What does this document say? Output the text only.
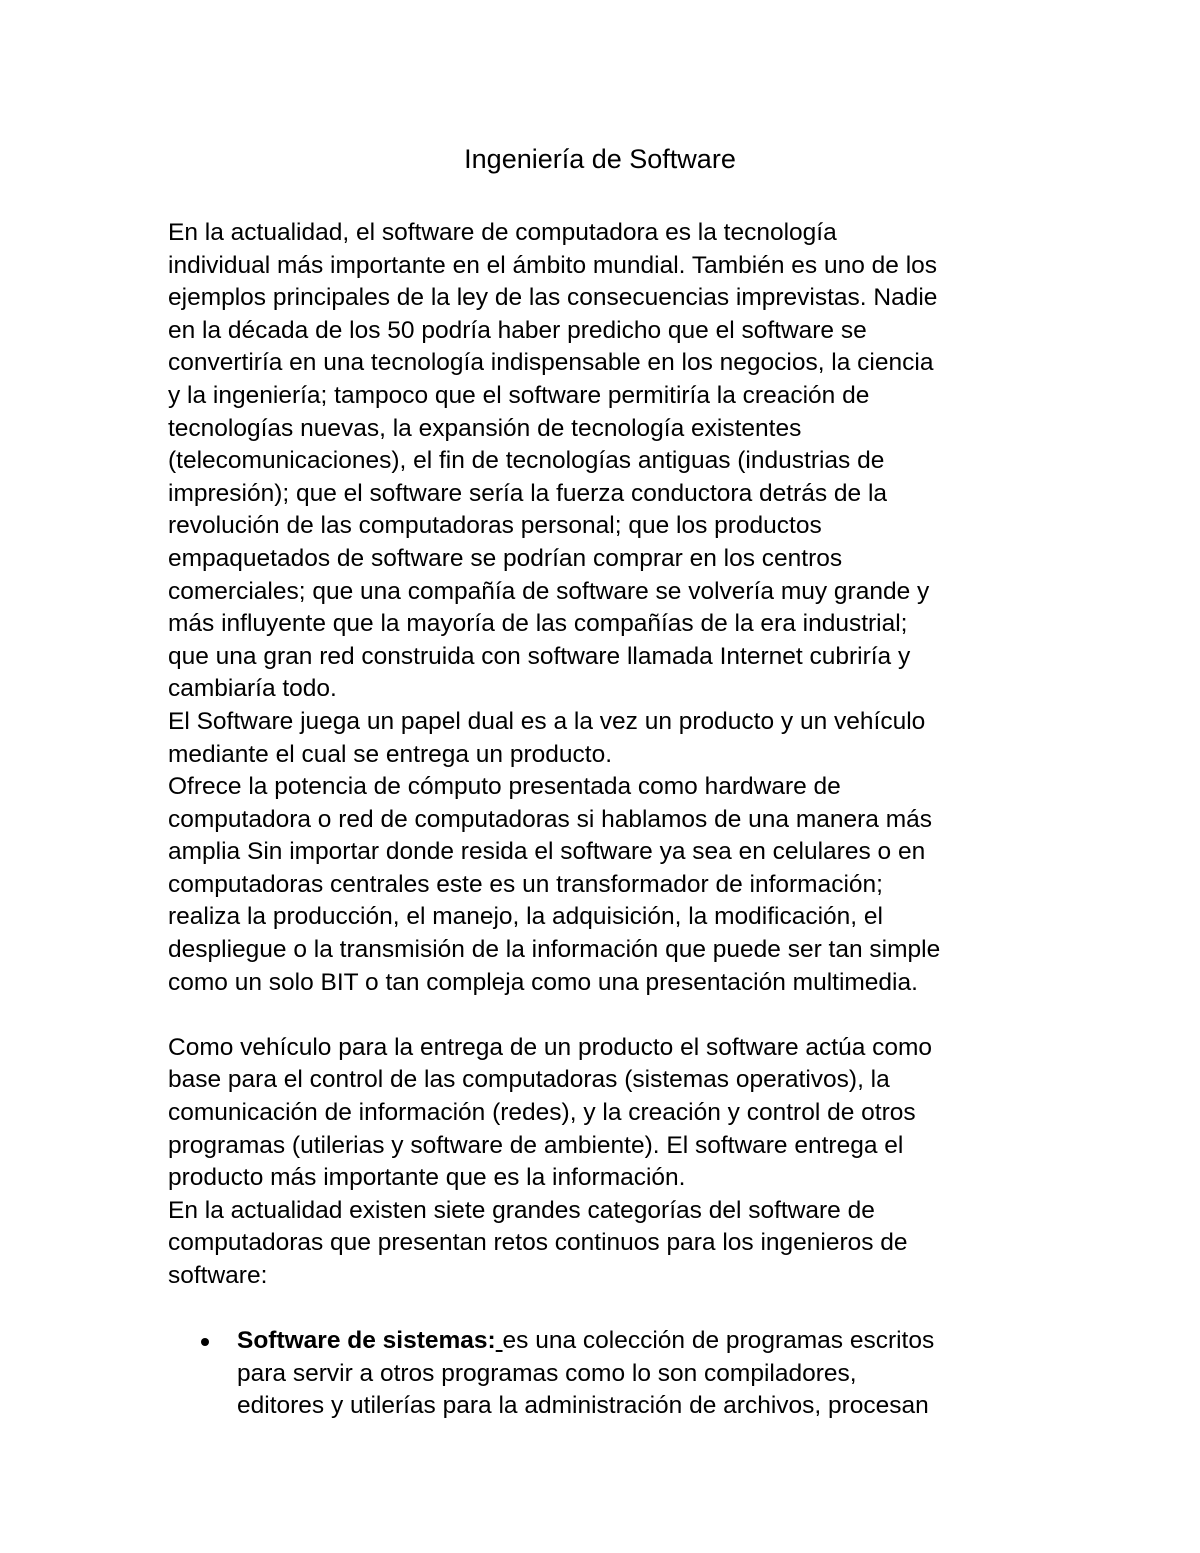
Ingeniería de Software

En la actualidad, el software de computadora es la tecnología

individual más importante en el ámbito mundial. También es uno de los

ejemplos principales de la ley de las consecuencias imprevistas. Nadie

en la década de los 50 podría haber predicho que el software se

convertiría en una tecnología indispensable en los negocios, la ciencia

y la ingeniería; tampoco que el software permitiría la creación de

tecnologías nuevas, la expansión de tecnología existentes

(telecomunicaciones), el fin de tecnologías antiguas (industrias de

impresión); que el software sería la fuerza conductora detrás de la

revolución de las computadoras personal; que los productos

empaquetados de software se podrían comprar en los centros

comerciales; que una compañía de software se volvería muy grande y

más influyente que la mayoría de las compañías de la era industrial;

que una gran red construida con software llamada Internet cubriría y

cambiaría todo.

El Software juega un papel dual es a la vez un producto y un vehículo

mediante el cual se entrega un producto.

Ofrece la potencia de cómputo presentada como hardware de

computadora o red de computadoras si hablamos de una manera más

amplia Sin importar donde resida el software ya sea en celulares o en

computadoras centrales este es un transformador de información;

realiza la producción, el manejo, la adquisición, la modificación, el

despliegue o la transmisión de la información que puede ser tan simple

como un solo BIT o tan compleja como una presentación multimedia.

Como vehículo para la entrega de un producto el software actúa como

base para el control de las computadoras (sistemas operativos), la

comunicación de información (redes), y la creación y control de otros

programas (utilerias y software de ambiente). El software entrega el

producto más importante que es la información.

En la actualidad existen siete grandes categorías del software de

computadoras que presentan retos continuos para los ingenieros de

software:

Software de sistemas: es una colección de programas escritos

para servir a otros programas como lo son compiladores,

editores y utilerías para la administración de archivos, procesan
